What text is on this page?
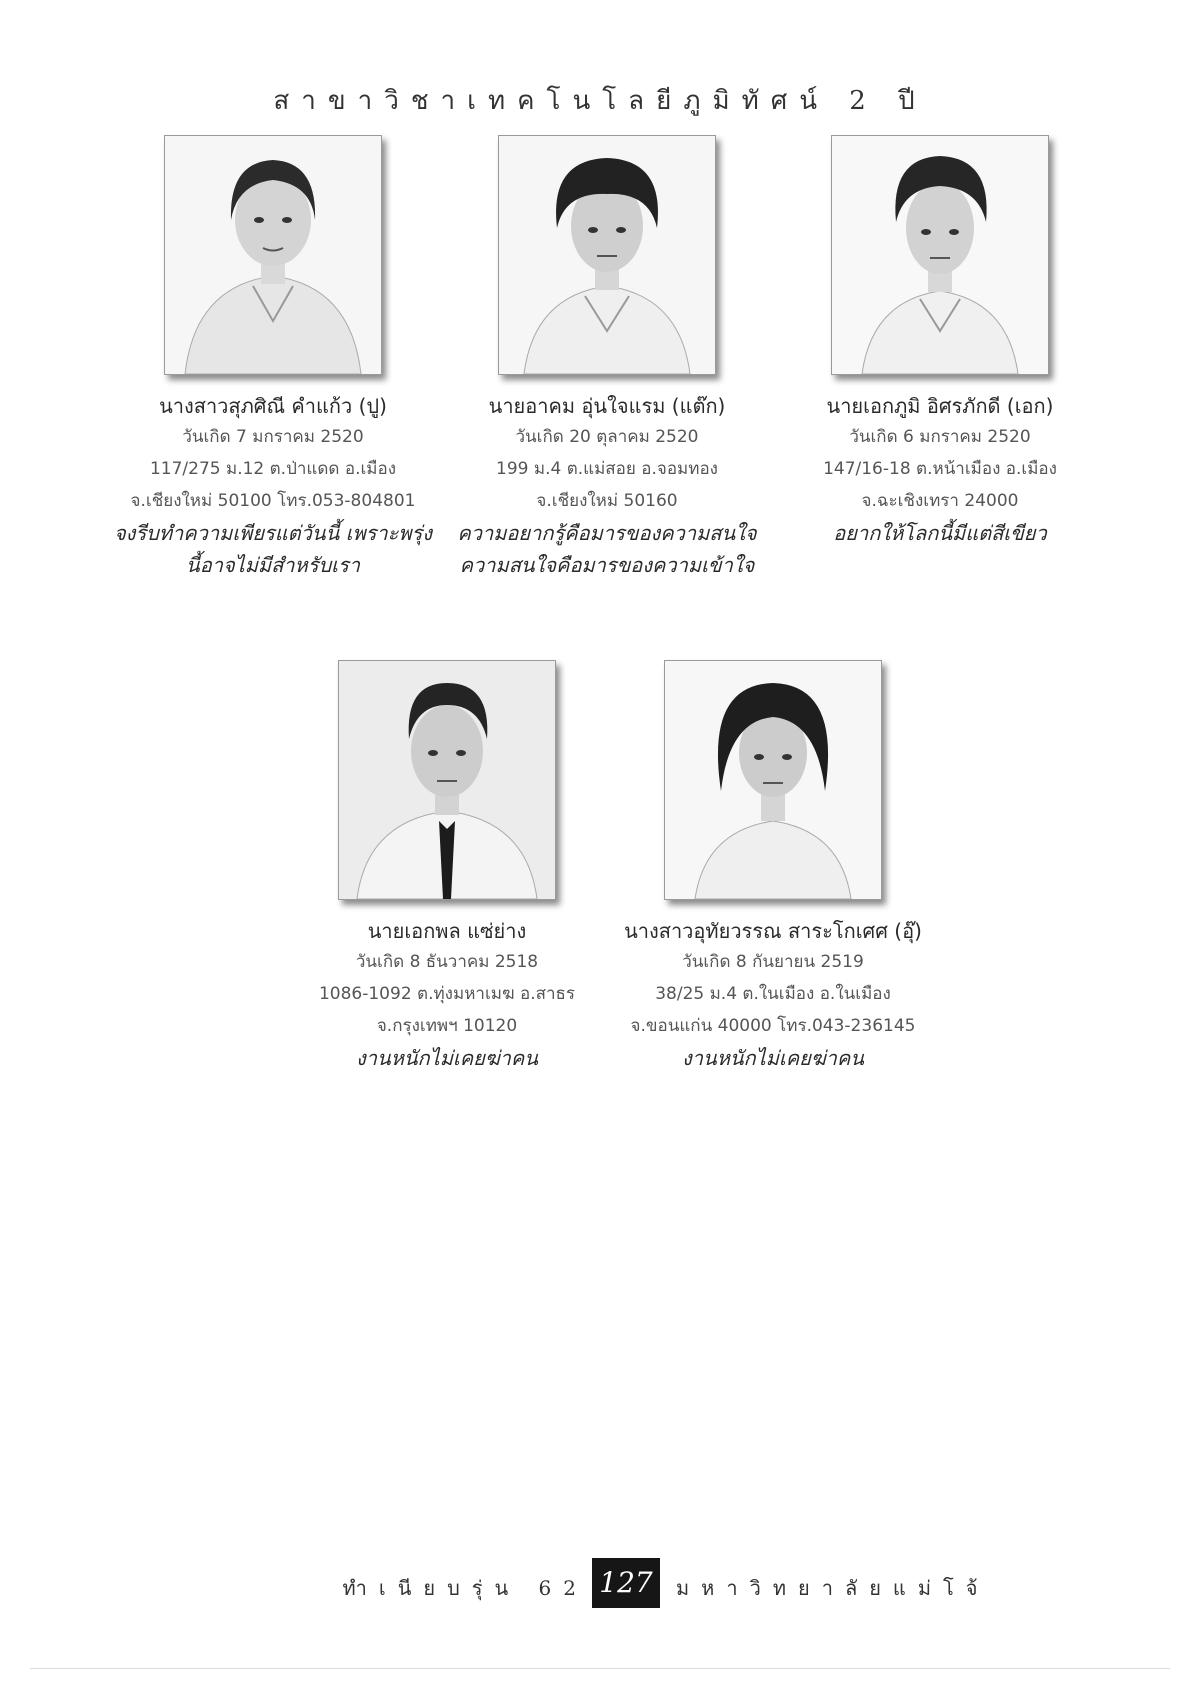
สาขาวิชาเทคโนโลยีภูมิทัศน์ 2 ปี
นางสาวสุภศิณี คำแก้ว (ปู)
วันเกิด 7 มกราคม 2520
117/275 ม.12 ต.ป่าแดด อ.เมือง
จ.เชียงใหม่ 50100 โทร.053-804801
จงรีบทำความเพียรแต่วันนี้ เพราะพรุ่ง
นี้อาจไม่มีสำหรับเรา
นายอาคม อุ่นใจแรม (แต๊ก)
วันเกิด 20 ตุลาคม 2520
199 ม.4 ต.แม่สอย อ.จอมทอง
จ.เชียงใหม่ 50160
ความอยากรู้คือมารของความสนใจ
ความสนใจคือมารของความเข้าใจ
นายเอกภูมิ อิศรภักดี (เอก)
วันเกิด 6 มกราคม 2520
147/16-18 ต.หน้าเมือง อ.เมือง
จ.ฉะเชิงเทรา 24000
อยากให้โลกนี้มีแต่สีเขียว
นายเอกพล แซ่ย่าง
วันเกิด 8 ธันวาคม 2518
1086-1092 ต.ทุ่งมหาเมฆ อ.สาธร
จ.กรุงเทพฯ 10120
งานหนักไม่เคยฆ่าคน
นางสาวอุทัยวรรณ สาระโกเศศ (อุ๊)
วันเกิด 8 กันยายน 2519
38/25 ม.4 ต.ในเมือง อ.ในเมือง
จ.ขอนแก่น 40000 โทร.043-236145
งานหนักไม่เคยฆ่าคน
ทำเนียบรุ่น 62 127	มหาวิทยาลัยแม่โจ้
